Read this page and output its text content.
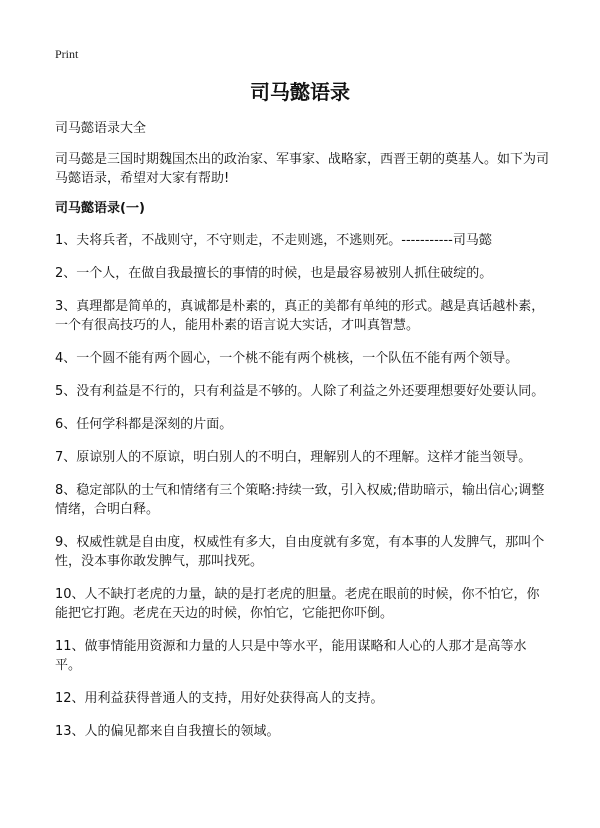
Print
司马懿语录

司马懿语录大全

司马懿是三国时期魏国杰出的政治家、军事家、战略家，西晋王朝的奠基人。如下为司马懿语录，希望对大家有帮助!

司马懿语录(一)

1、夫将兵者，不战则守，不守则走，不走则逃，不逃则死。-----------司马懿
2、一个人，在做自我最擅长的事情的时候，也是最容易被别人抓住破绽的。
3、真理都是简单的，真诚都是朴素的，真正的美都有单纯的形式。越是真话越朴素，一个有很高技巧的人，能用朴素的语言说大实话，才叫真智慧。
4、一个圆不能有两个圆心，一个桃不能有两个桃核，一个队伍不能有两个领导。
5、没有利益是不行的，只有利益是不够的。人除了利益之外还要理想要好处要认同。
6、任何学科都是深刻的片面。
7、原谅别人的不原谅，明白别人的不明白，理解别人的不理解。这样才能当领导。
8、稳定部队的士气和情绪有三个策略:持续一致，引入权威;借助暗示，输出信心;调整情绪，合明白释。
9、权威性就是自由度，权威性有多大，自由度就有多宽，有本事的人发脾气，那叫个性，没本事你敢发脾气，那叫找死。
10、人不缺打老虎的力量，缺的是打老虎的胆量。老虎在眼前的时候，你不怕它，你能把它打跑。老虎在天边的时候，你怕它，它能把你吓倒。
11、做事情能用资源和力量的人只是中等水平，能用谋略和人心的人那才是高等水平。
12、用利益获得普通人的支持，用好处获得高人的支持。
13、人的偏见都来自自我擅长的领域。
